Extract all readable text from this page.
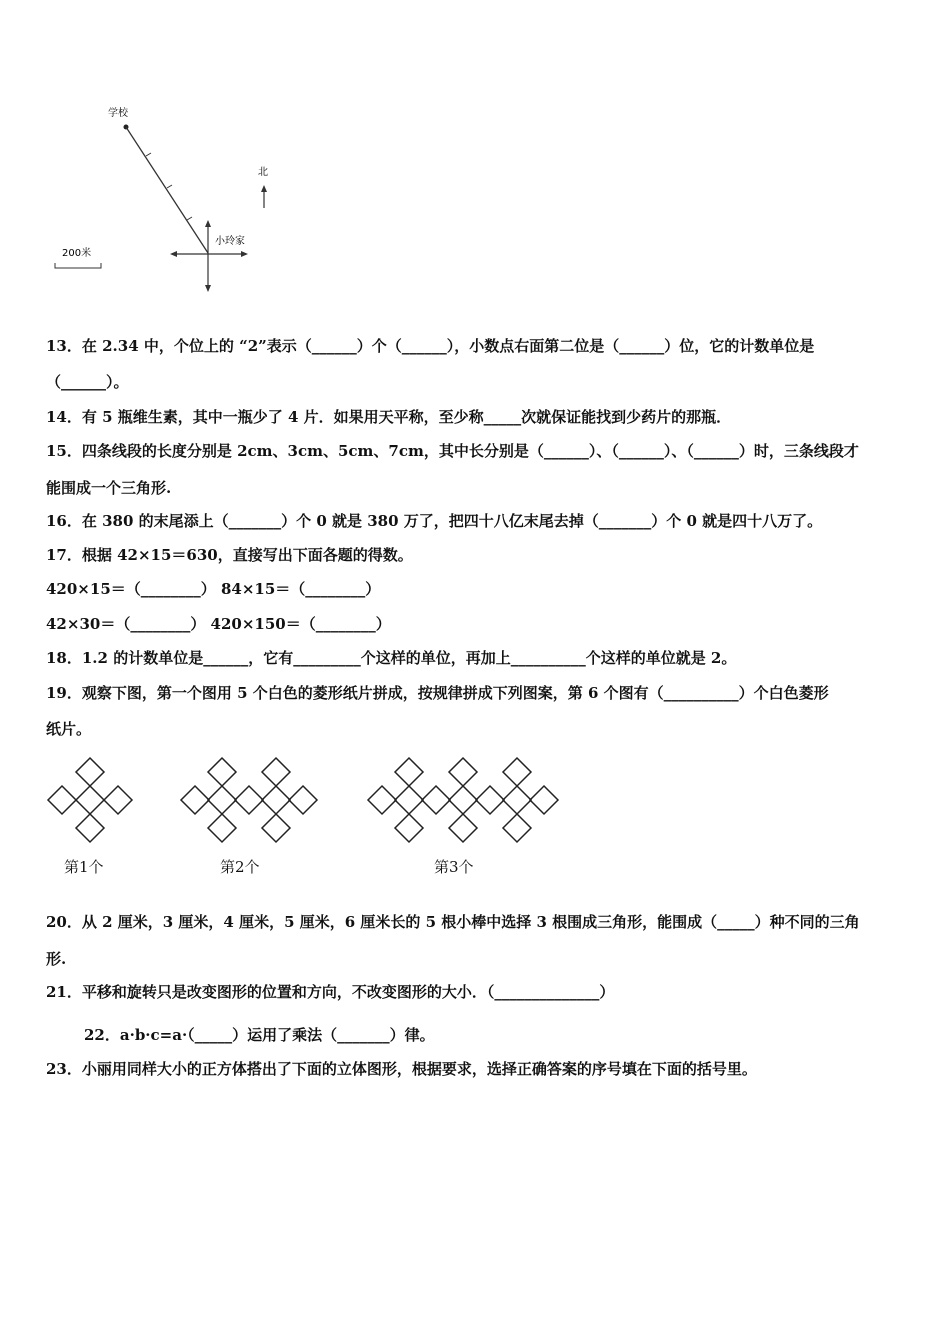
学校
小玲家
北
200米
13．在 2.34 中，个位上的 “2”表示（______）个（______），小数点右面第二位是（______）位，它的计数单位是
（______）。
14．有 5 瓶维生素，其中一瓶少了 4 片．如果用天平称，至少称_____次就保证能找到少药片的那瓶．
15．四条线段的长度分别是 2cm、3cm、5cm、7cm，其中长分别是（______）、（______）、（______）时，三条线段才
能围成一个三角形.
16．在 380 的末尾添上（_______）个 0 就是 380 万了，把四十八亿末尾去掉（_______）个 0 就是四十八万了。
17．根据 42×15＝630，直接写出下面各题的得数。
420×15＝（________） 84×15＝（________）
42×30＝（________） 420×150＝（________）
18．1.2 的计数单位是______，它有_________个这样的单位，再加上__________个这样的单位就是 2。
19．观察下图，第一个图用 5 个白色的菱形纸片拼成，按规律拼成下列图案，第 6 个图有（__________）个白色菱形
纸片。
第1个	第2个	第3个
20．从 2 厘米，3 厘米，4 厘米，5 厘米，6 厘米长的 5 根小棒中选择 3 根围成三角形，能围成（_____）种不同的三角
形.
21．平移和旋转只是改变图形的位置和方向，不改变图形的大小．（______________）
22．a·b·c=a·（_____）运用了乘法（_______）律。
23．小丽用同样大小的正方体搭出了下面的立体图形，根据要求，选择正确答案的序号填在下面的括号里。
